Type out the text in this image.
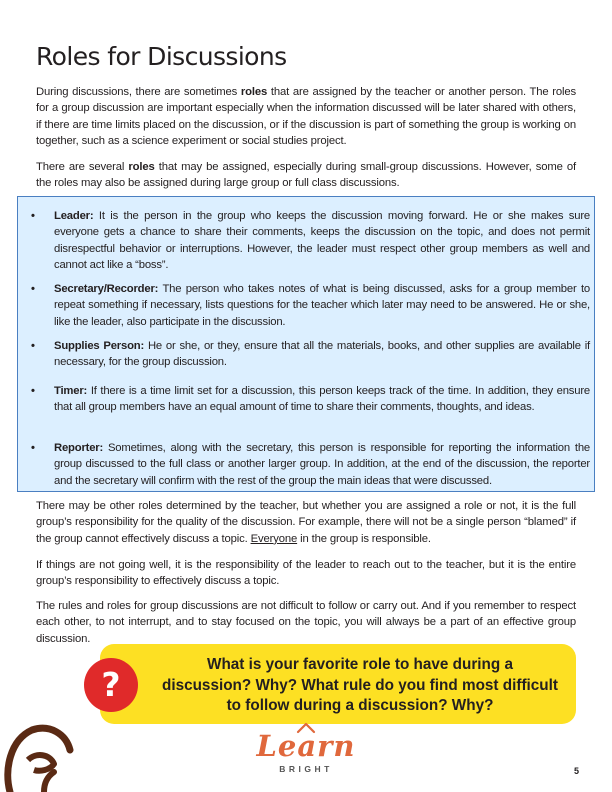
Roles for Discussions

During discussions, there are sometimes roles that are assigned by the teacher or another person. The roles for a group discussion are important especially when the information discussed will be later shared with others, if there are time limits placed on the discussion, or if the discussion is part of something the group is working on together, such as a science experiment or social studies project.

There are several roles that may be assigned, especially during small-group discussions. However, some of the roles may also be assigned during large group or full class discussions.

• Leader: It is the person in the group who keeps the discussion moving forward. He or she makes sure everyone gets a chance to share their comments, keeps the discussion on the topic, and does not permit disrespectful behavior or interruptions. However, the leader must respect other group members as well and cannot act like a “boss”.
• Secretary/Recorder: The person who takes notes of what is being discussed, asks for a group member to repeat something if necessary, lists questions for the teacher which later may need to be answered. He or she, like the leader, also participate in the discussion.
• Supplies Person: He or she, or they, ensure that all the materials, books, and other supplies are available if necessary, for the group discussion.
• Timer: If there is a time limit set for a discussion, this person keeps track of the time. In addition, they ensure that all group members have an equal amount of time to share their comments, thoughts, and ideas.
• Reporter: Sometimes, along with the secretary, this person is responsible for reporting the information the group discussed to the full class or another larger group. In addition, at the end of the discussion, the reporter and the secretary will confirm with the rest of the group the main ideas that were discussed.

There may be other roles determined by the teacher, but whether you are assigned a role or not, it is the full group’s responsibility for the quality of the discussion. For example, there will not be a single person “blamed” if the group cannot effectively discuss a topic. Everyone in the group is responsible.

If things are not going well, it is the responsibility of the leader to reach out to the teacher, but it is the entire group’s responsibility to effectively discuss a topic.

The rules and roles for group discussions are not difficult to follow or carry out. And if you remember to respect each other, to not interrupt, and to stay focused on the topic, you will always be a part of an effective group discussion.

?

What is your favorite role to have during a
discussion? Why? What rule do you find most difficult
to follow during a discussion? Why?

Learn
BRIGHT	5
